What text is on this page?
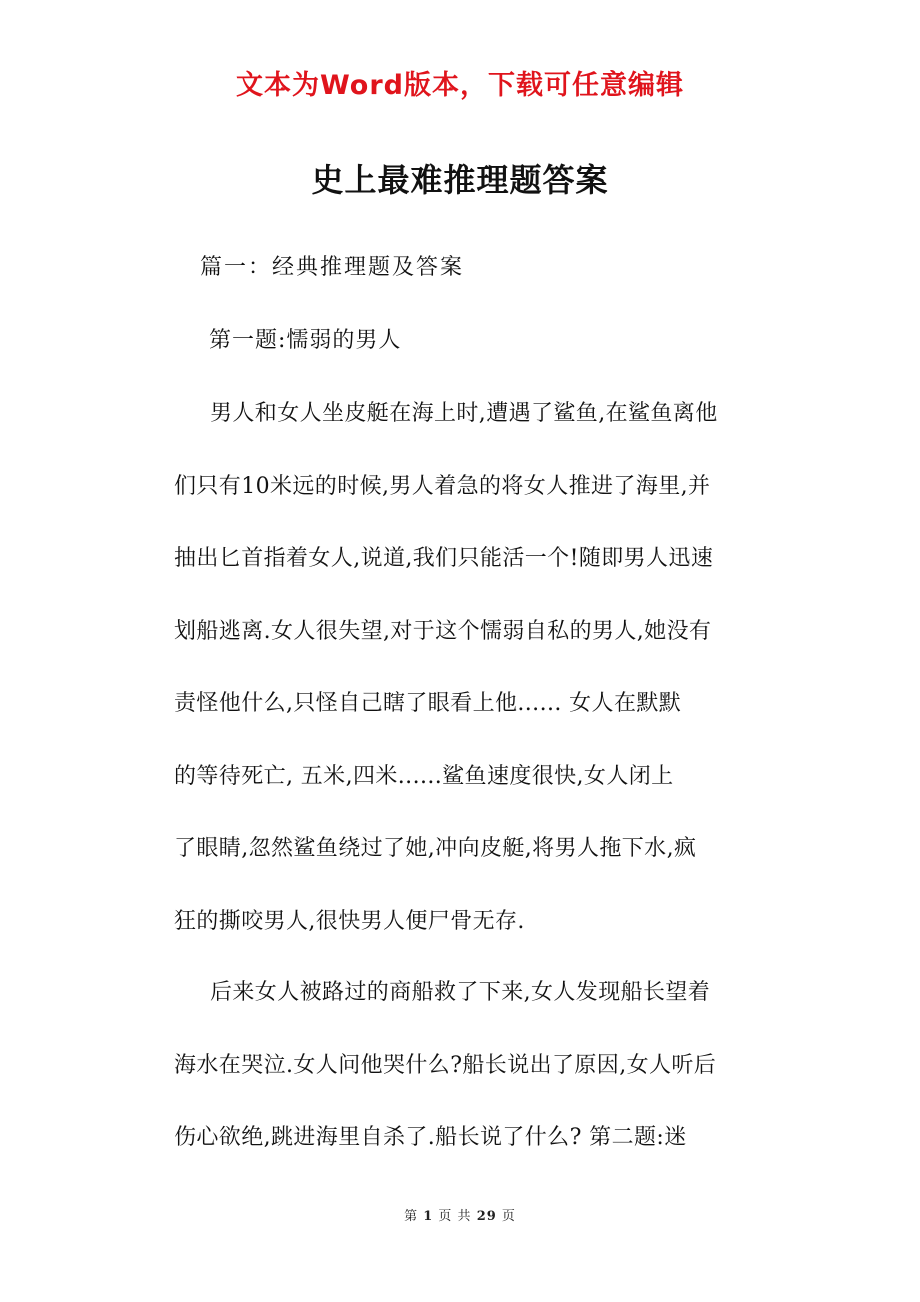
文本为Word版本，下载可任意编辑
史上最难推理题答案
篇一：经典推理题及答案
第一题:懦弱的男人
男人和女人坐皮艇在海上时,遭遇了鲨鱼,在鲨鱼离他
们只有10米远的时候,男人着急的将女人推进了海里,并
抽出匕首指着女人,说道,我们只能活一个!随即男人迅速
划船逃离.女人很失望,对于这个懦弱自私的男人,她没有
责怪他什么,只怪自己瞎了眼看上他...... 女人在默默
的等待死亡, 五米,四米......鲨鱼速度很快,女人闭上
了眼睛,忽然鲨鱼绕过了她,冲向皮艇,将男人拖下水,疯
狂的撕咬男人,很快男人便尸骨无存.
后来女人被路过的商船救了下来,女人发现船长望着
海水在哭泣.女人问他哭什么?船长说出了原因,女人听后
伤心欲绝,跳进海里自杀了.船长说了什么? 第二题:迷
第 1 页 共 29 页
